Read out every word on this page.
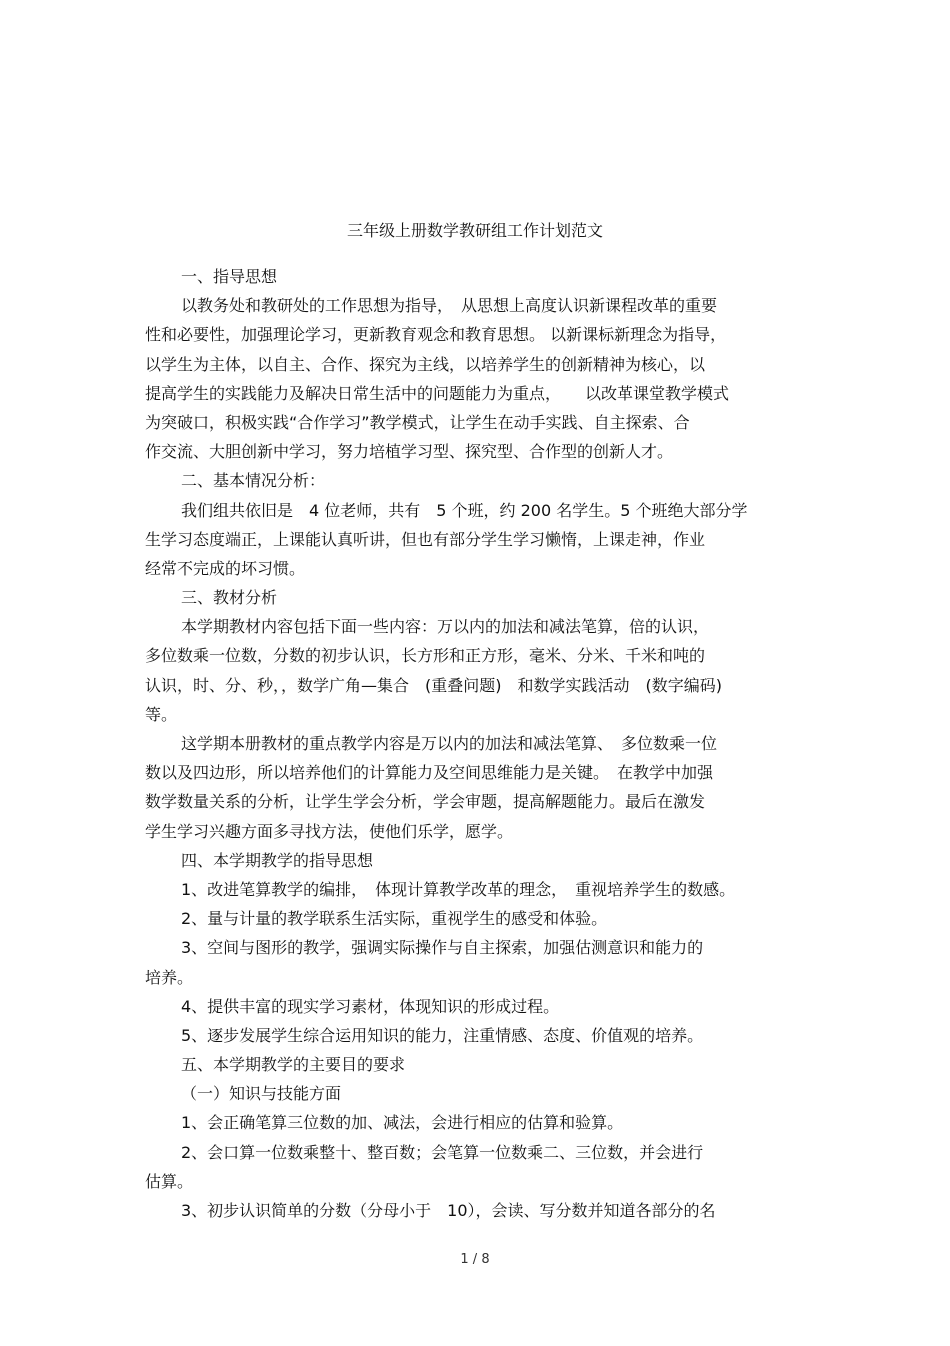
三年级上册数学教研组工作计划范文
一、指导思想
以教务处和教研处的工作思想为指导，　从思想上高度认识新课程改革的重要
性和必要性，加强理论学习，更新教育观念和教育思想。 以新课标新理念为指导，
以学生为主体，以自主、合作、探究为主线，以培养学生的创新精神为核心，以
提高学生的实践能力及解决日常生活中的问题能力为重点，　　以改革课堂教学模式
为突破口，积极实践“合作学习”教学模式，让学生在动手实践、自主探索、合
作交流、大胆创新中学习，努力培植学习型、探究型、合作型的创新人才。
二、基本情况分析：
我们组共依旧是　4 位老师，共有　5 个班，约 200 名学生。5 个班绝大部分学
生学习态度端正，上课能认真听讲，但也有部分学生学习懒惰，上课走神，作业
经常不完成的坏习惯。
三、教材分析
本学期教材内容包括下面一些内容：万以内的加法和减法笔算，倍的认识，
多位数乘一位数，分数的初步认识，长方形和正方形，毫米、分米、千米和吨的
认识，时、分、秒，，数学广角—集合　(重叠问题)　和数学实践活动　(数字编码)
等。
这学期本册教材的重点教学内容是万以内的加法和减法笔算、　多位数乘一位
数以及四边形，所以培养他们的计算能力及空间思维能力是关键。　在教学中加强
数学数量关系的分析，让学生学会分析，学会审题，提高解题能力。最后在激发
学生学习兴趣方面多寻找方法，使他们乐学，愿学。
四、本学期教学的指导思想
1、改进笔算教学的编排，　体现计算教学改革的理念，　重视培养学生的数感。
2、量与计量的教学联系生活实际，重视学生的感受和体验。
3、空间与图形的教学，强调实际操作与自主探索，加强估测意识和能力的
培养。
4、提供丰富的现实学习素材，体现知识的形成过程。
5、逐步发展学生综合运用知识的能力，注重情感、态度、价值观的培养。
五、本学期教学的主要目的要求
（一）知识与技能方面
1、会正确笔算三位数的加、减法，会进行相应的估算和验算。
2、会口算一位数乘整十、整百数；会笔算一位数乘二、三位数，并会进行
估算。
3、初步认识简单的分数（分母小于　10），会读、写分数并知道各部分的名
1 / 8
